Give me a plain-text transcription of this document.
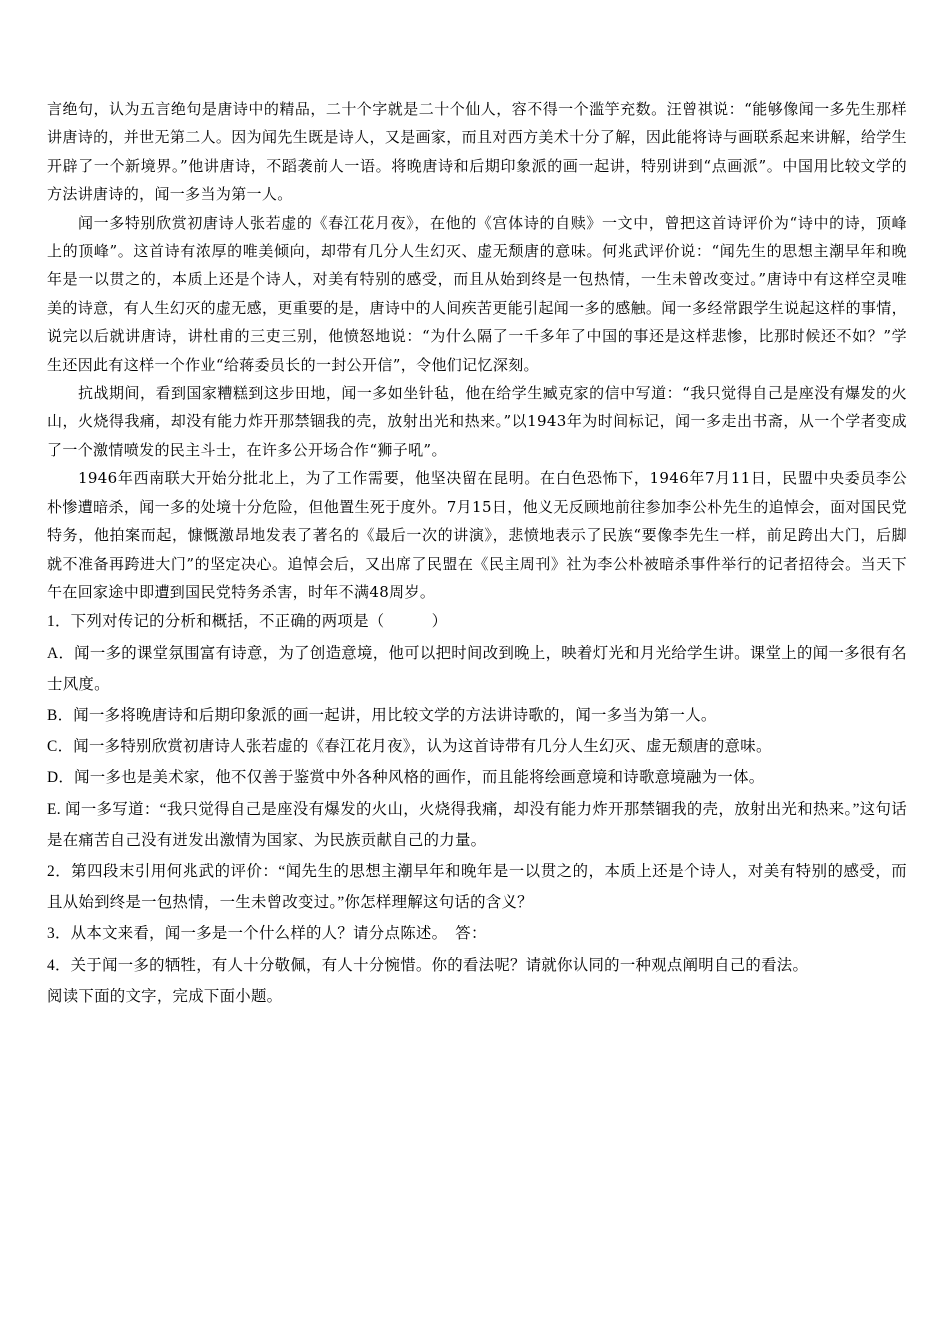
言绝句，认为五言绝句是唐诗中的精品，二十个字就是二十个仙人，容不得一个滥竽充数。汪曾祺说：“能够像闻一多先生那样讲唐诗的，并世无第二人。因为闻先生既是诗人，又是画家，而且对西方美术十分了解，因此能将诗与画联系起来讲解，给学生开辟了一个新境界。”他讲唐诗，不蹈袭前人一语。将晚唐诗和后期印象派的画一起讲，特别讲到“点画派”。中国用比较文学的方法讲唐诗的，闻一多当为第一人。

闻一多特别欣赏初唐诗人张若虚的《春江花月夜》，在他的《宫体诗的自赎》一文中，曾把这首诗评价为“诗中的诗，顶峰上的顶峰”。这首诗有浓厚的唯美倾向，却带有几分人生幻灭、虚无颓唐的意味。何兆武评价说：“闻先生的思想主潮早年和晚年是一以贯之的，本质上还是个诗人，对美有特别的感受，而且从始到终是一包热情，一生未曾改变过。”唐诗中有这样空灵唯美的诗意，有人生幻灭的虚无感，更重要的是，唐诗中的人间疾苦更能引起闻一多的感触。闻一多经常跟学生说起这样的事情，说完以后就讲唐诗，讲杜甫的三吏三别，他愤怒地说：“为什么隔了一千多年了中国的事还是这样悲惨，比那时候还不如？”学生还因此有这样一个作业“给蒋委员长的一封公开信”，令他们记忆深刻。

抗战期间，看到国家糟糕到这步田地，闻一多如坐针毡，他在给学生臧克家的信中写道：“我只觉得自己是座没有爆发的火山，火烧得我痛，却没有能力炸开那禁锢我的壳，放射出光和热来。”以1943年为时间标记，闻一多走出书斋，从一个学者变成了一个激情喷发的民主斗士，在许多公开场合作“狮子吼”。

1946年西南联大开始分批北上，为了工作需要，他坚决留在昆明。在白色恐怖下，1946年7月11日，民盟中央委员李公朴惨遭暗杀，闻一多的处境十分危险，但他置生死于度外。7月15日，他义无反顾地前往参加李公朴先生的追悼会，面对国民党特务，他拍案而起，慷慨激昂地发表了著名的《最后一次的讲演》，悲愤地表示了民族“要像李先生一样，前足跨出大门，后脚就不准备再跨进大门”的坚定决心。追悼会后，又出席了民盟在《民主周刊》社为李公朴被暗杀事件举行的记者招待会。当天下午在回家途中即遭到国民党特务杀害，时年不满48周岁。

1．下列对传记的分析和概括，不正确的两项是（　　　）

A．闻一多的课堂氛围富有诗意，为了创造意境，他可以把时间改到晚上，映着灯光和月光给学生讲。课堂上的闻一多很有名士风度。

B．闻一多将晚唐诗和后期印象派的画一起讲，用比较文学的方法讲诗歌的，闻一多当为第一人。

C．闻一多特别欣赏初唐诗人张若虚的《春江花月夜》，认为这首诗带有几分人生幻灭、虚无颓唐的意味。

D．闻一多也是美术家，他不仅善于鉴赏中外各种风格的画作，而且能将绘画意境和诗歌意境融为一体。

E. 闻一多写道：“我只觉得自己是座没有爆发的火山，火烧得我痛，却没有能力炸开那禁锢我的壳，放射出光和热来。”这句话是在痛苦自己没有迸发出激情为国家、为民族贡献自己的力量。

2．第四段末引用何兆武的评价：“闻先生的思想主潮早年和晚年是一以贯之的，本质上还是个诗人，对美有特别的感受，而且从始到终是一包热情，一生未曾改变过。”你怎样理解这句话的含义？

3．从本文来看，闻一多是一个什么样的人？请分点陈述。　答：

4．关于闻一多的牺牲，有人十分敬佩，有人十分惋惜。你的看法呢？请就你认同的一种观点阐明自己的看法。

阅读下面的文字，完成下面小题。
